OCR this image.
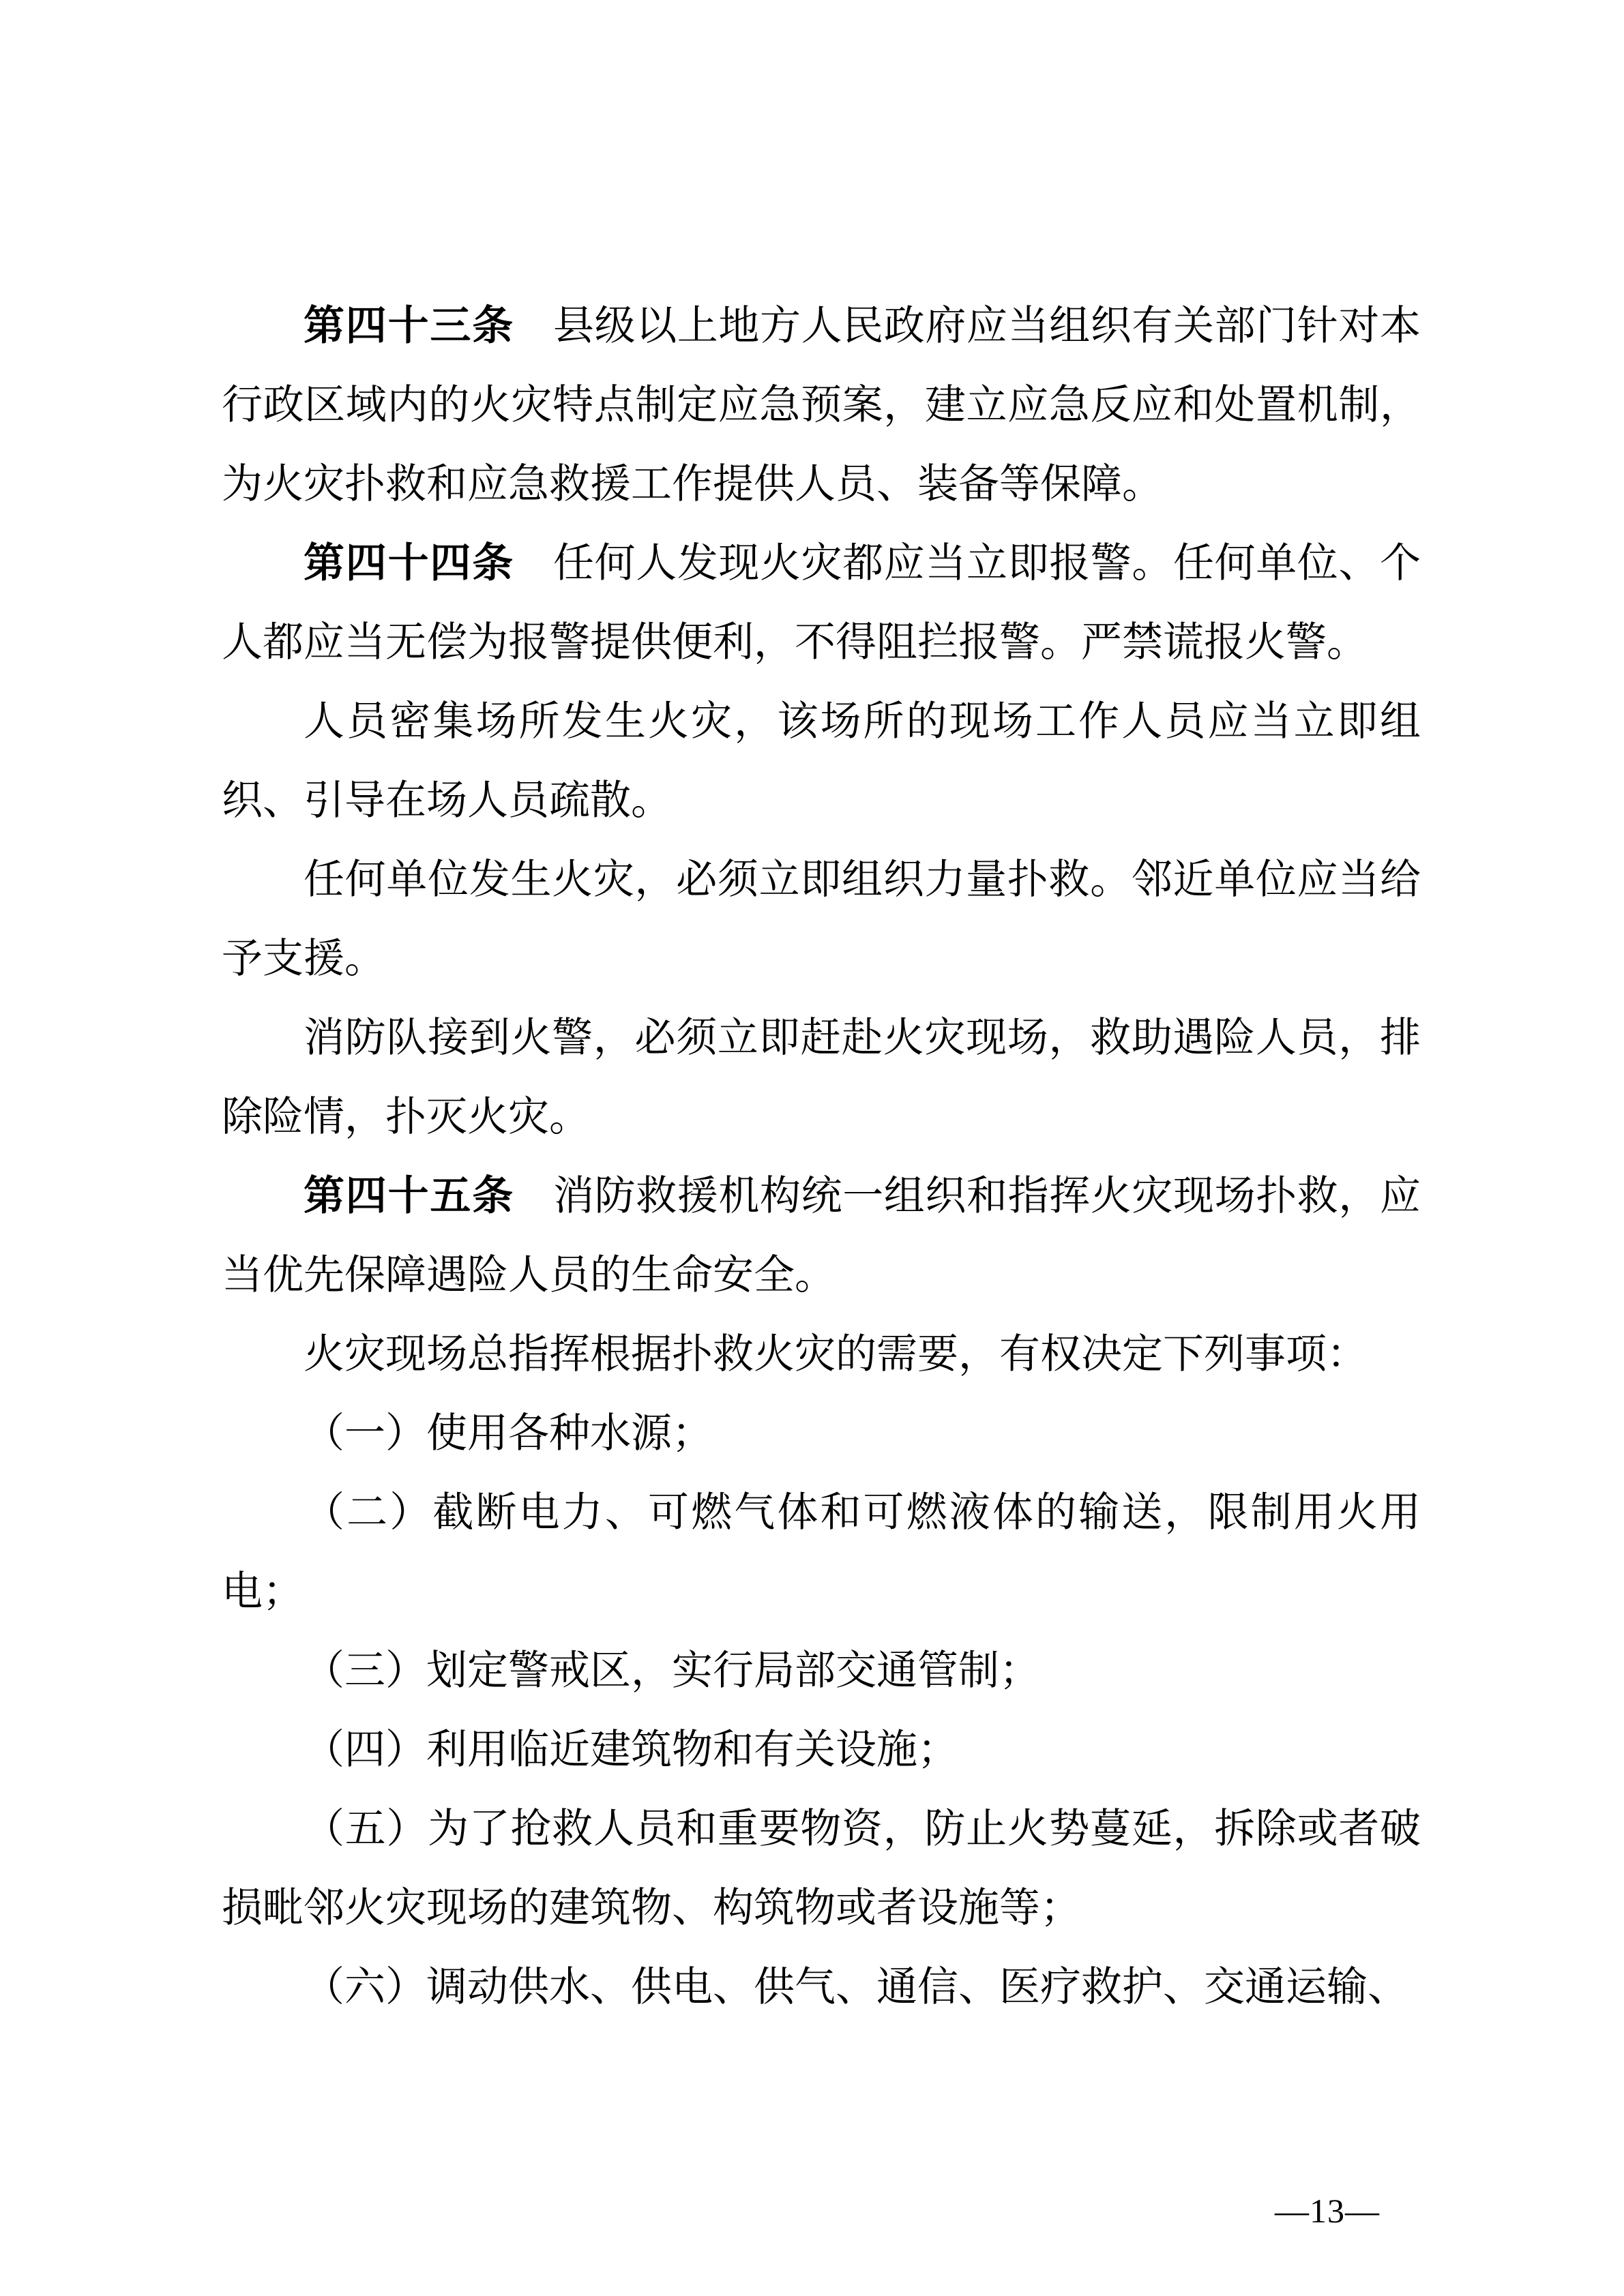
第四十三条 县级以上地方人民政府应当组织有关部门针对本行政区域内的火灾特点制定应急预案，建立应急反应和处置机制，为火灾扑救和应急救援工作提供人员、装备等保障。

第四十四条 任何人发现火灾都应当立即报警。任何单位、个人都应当无偿为报警提供便利，不得阻拦报警。严禁谎报火警。

人员密集场所发生火灾，该场所的现场工作人员应当立即组织、引导在场人员疏散。

任何单位发生火灾，必须立即组织力量扑救。邻近单位应当给予支援。

消防队接到火警，必须立即赶赴火灾现场，救助遇险人员，排除险情，扑灭火灾。

第四十五条 消防救援机构统一组织和指挥火灾现场扑救，应当优先保障遇险人员的生命安全。

火灾现场总指挥根据扑救火灾的需要，有权决定下列事项：

（一）使用各种水源；

（二）截断电力、可燃气体和可燃液体的输送，限制用火用电；

（三）划定警戒区，实行局部交通管制；

（四）利用临近建筑物和有关设施；

（五）为了抢救人员和重要物资，防止火势蔓延，拆除或者破损毗邻火灾现场的建筑物、构筑物或者设施等；

（六）调动供水、供电、供气、通信、医疗救护、交通运输、

—13—
